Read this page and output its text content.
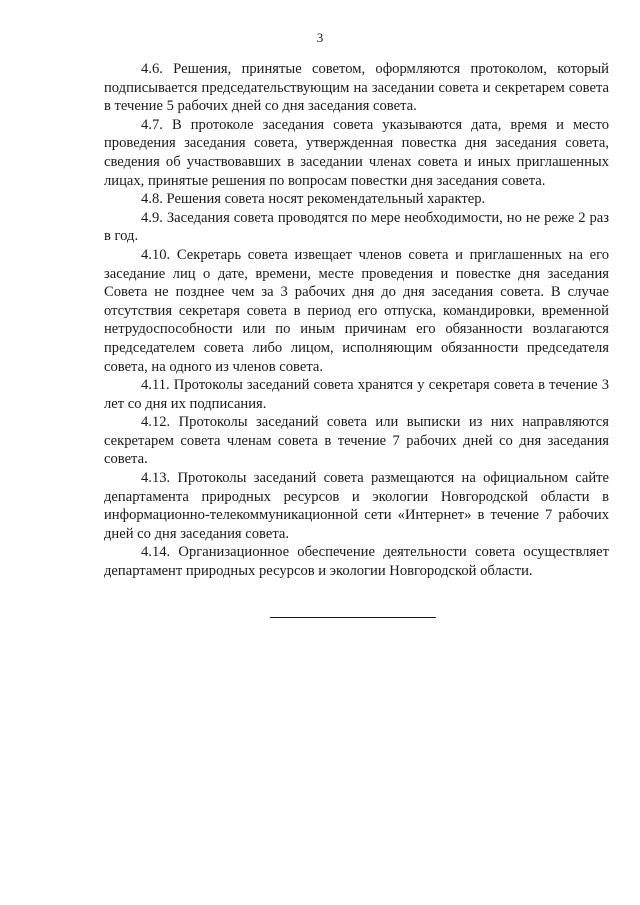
3

4.6. Решения, принятые советом, оформляются протоколом, который подписывается председательствующим на заседании совета и секретарем совета в течение 5 рабочих дней со дня заседания совета.

4.7. В протоколе заседания совета указываются дата, время и место проведения заседания совета, утвержденная повестка дня заседания совета, сведения об участвовавших в заседании членах совета и иных приглашенных лицах, принятые решения по вопросам повестки дня заседания совета.

4.8. Решения совета носят рекомендательный характер.

4.9. Заседания совета проводятся по мере необходимости, но не реже 2 раз в год.

4.10. Секретарь совета извещает членов совета и приглашенных на его заседание лиц о дате, времени, месте проведения и повестке дня заседания Совета не позднее чем за 3 рабочих дня до дня заседания совета. В случае отсутствия секретаря совета в период его отпуска, командировки, временной нетрудоспособности или по иным причинам его обязанности возлагаются председателем совета либо лицом, исполняющим обязанности председателя совета, на одного из членов совета.

4.11. Протоколы заседаний совета хранятся у секретаря совета в течение 3 лет со дня их подписания.

4.12. Протоколы заседаний совета или выписки из них направляются секретарем совета членам совета в течение 7 рабочих дней со дня заседания совета.

4.13. Протоколы заседаний совета размещаются на официальном сайте департамента природных ресурсов и экологии Новгородской области в информационно-телекоммуникационной сети «Интернет» в течение 7 рабочих дней со дня заседания совета.

4.14. Организационное обеспечение деятельности совета осуществляет департамент природных ресурсов и экологии Новгородской области.
